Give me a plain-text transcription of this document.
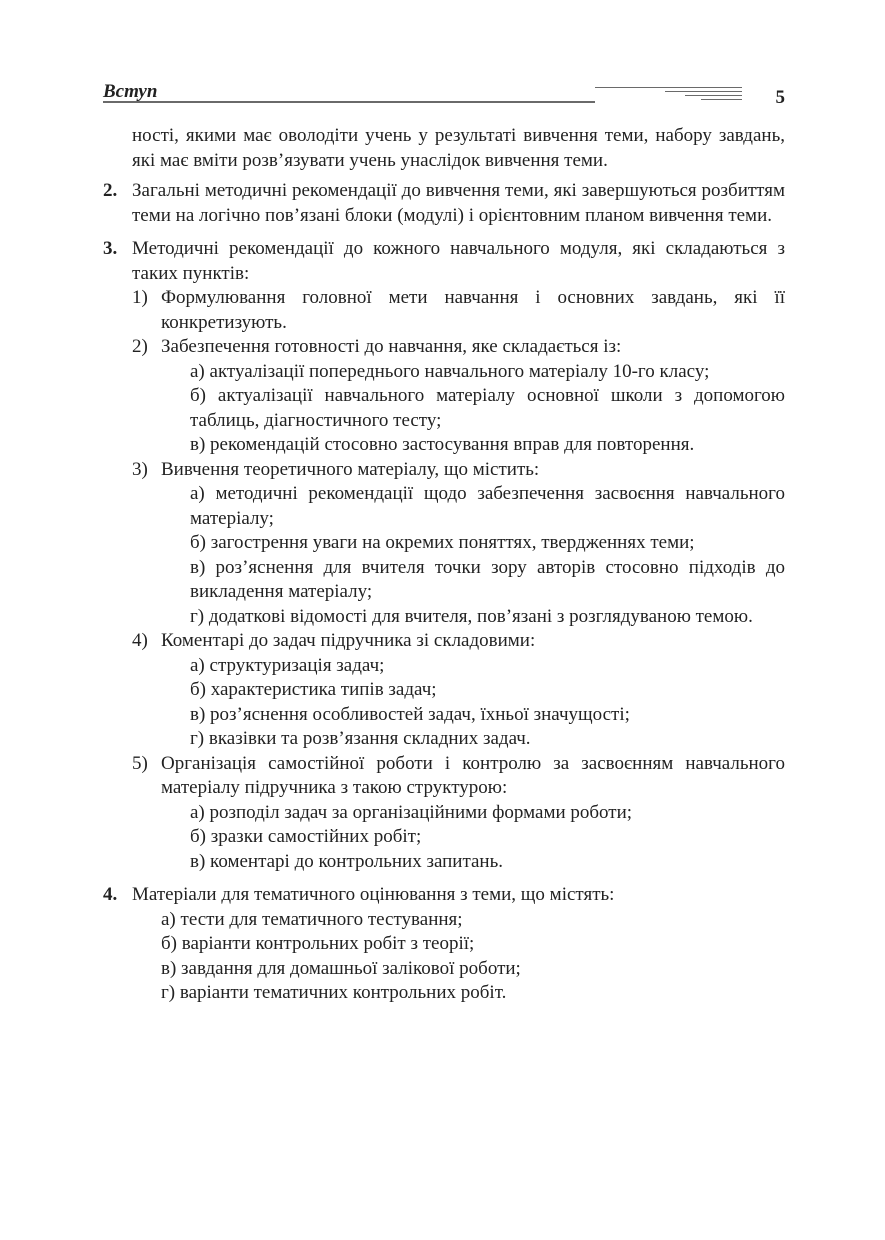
Вступ	5

ності, якими має оволодіти учень у результаті вивчення теми, набору завдань, які має вміти розв’язувати учень унаслідок вивчення теми.

2. Загальні методичні рекомендації до вивчення теми, які завершуються розбиттям теми на логічно пов’язані блоки (модулі) і орієнтовним планом вивчення теми.

3. Методичні рекомендації до кожного навчального модуля, які складаються з таких пунктів:

1) Формулювання головної мети навчання і основних завдань, які її конкретизують.

2) Забезпечення готовності до навчання, яке складається із:

а) актуалізації попереднього навчального матеріалу 10-го класу;

б) актуалізації навчального матеріалу основної школи з допомогою таблиць, діагностичного тесту;

в) рекомендацій стосовно застосування вправ для повторення.

3) Вивчення теоретичного матеріалу, що містить:

а) методичні рекомендації щодо забезпечення засвоєння навчального матеріалу;

б) загострення уваги на окремих поняттях, твердженнях теми;

в) роз’яснення для вчителя точки зору авторів стосовно підходів до викладення матеріалу;

г) додаткові відомості для вчителя, пов’язані з розглядуваною темою.

4) Коментарі до задач підручника зі складовими:

а) структуризація задач;

б) характеристика типів задач;

в) роз’яснення особливостей задач, їхньої значущості;

г) вказівки та розв’язання складних задач.

5) Організація самостійної роботи і контролю за засвоєнням навчального матеріалу підручника з такою структурою:

а) розподіл задач за організаційними формами роботи;

б) зразки самостійних робіт;

в) коментарі до контрольних запитань.

4. Матеріали для тематичного оцінювання з теми, що містять:

а) тести для тематичного тестування;

б) варіанти контрольних робіт з теорії;

в) завдання для домашньої залікової роботи;

г) варіанти тематичних контрольних робіт.
